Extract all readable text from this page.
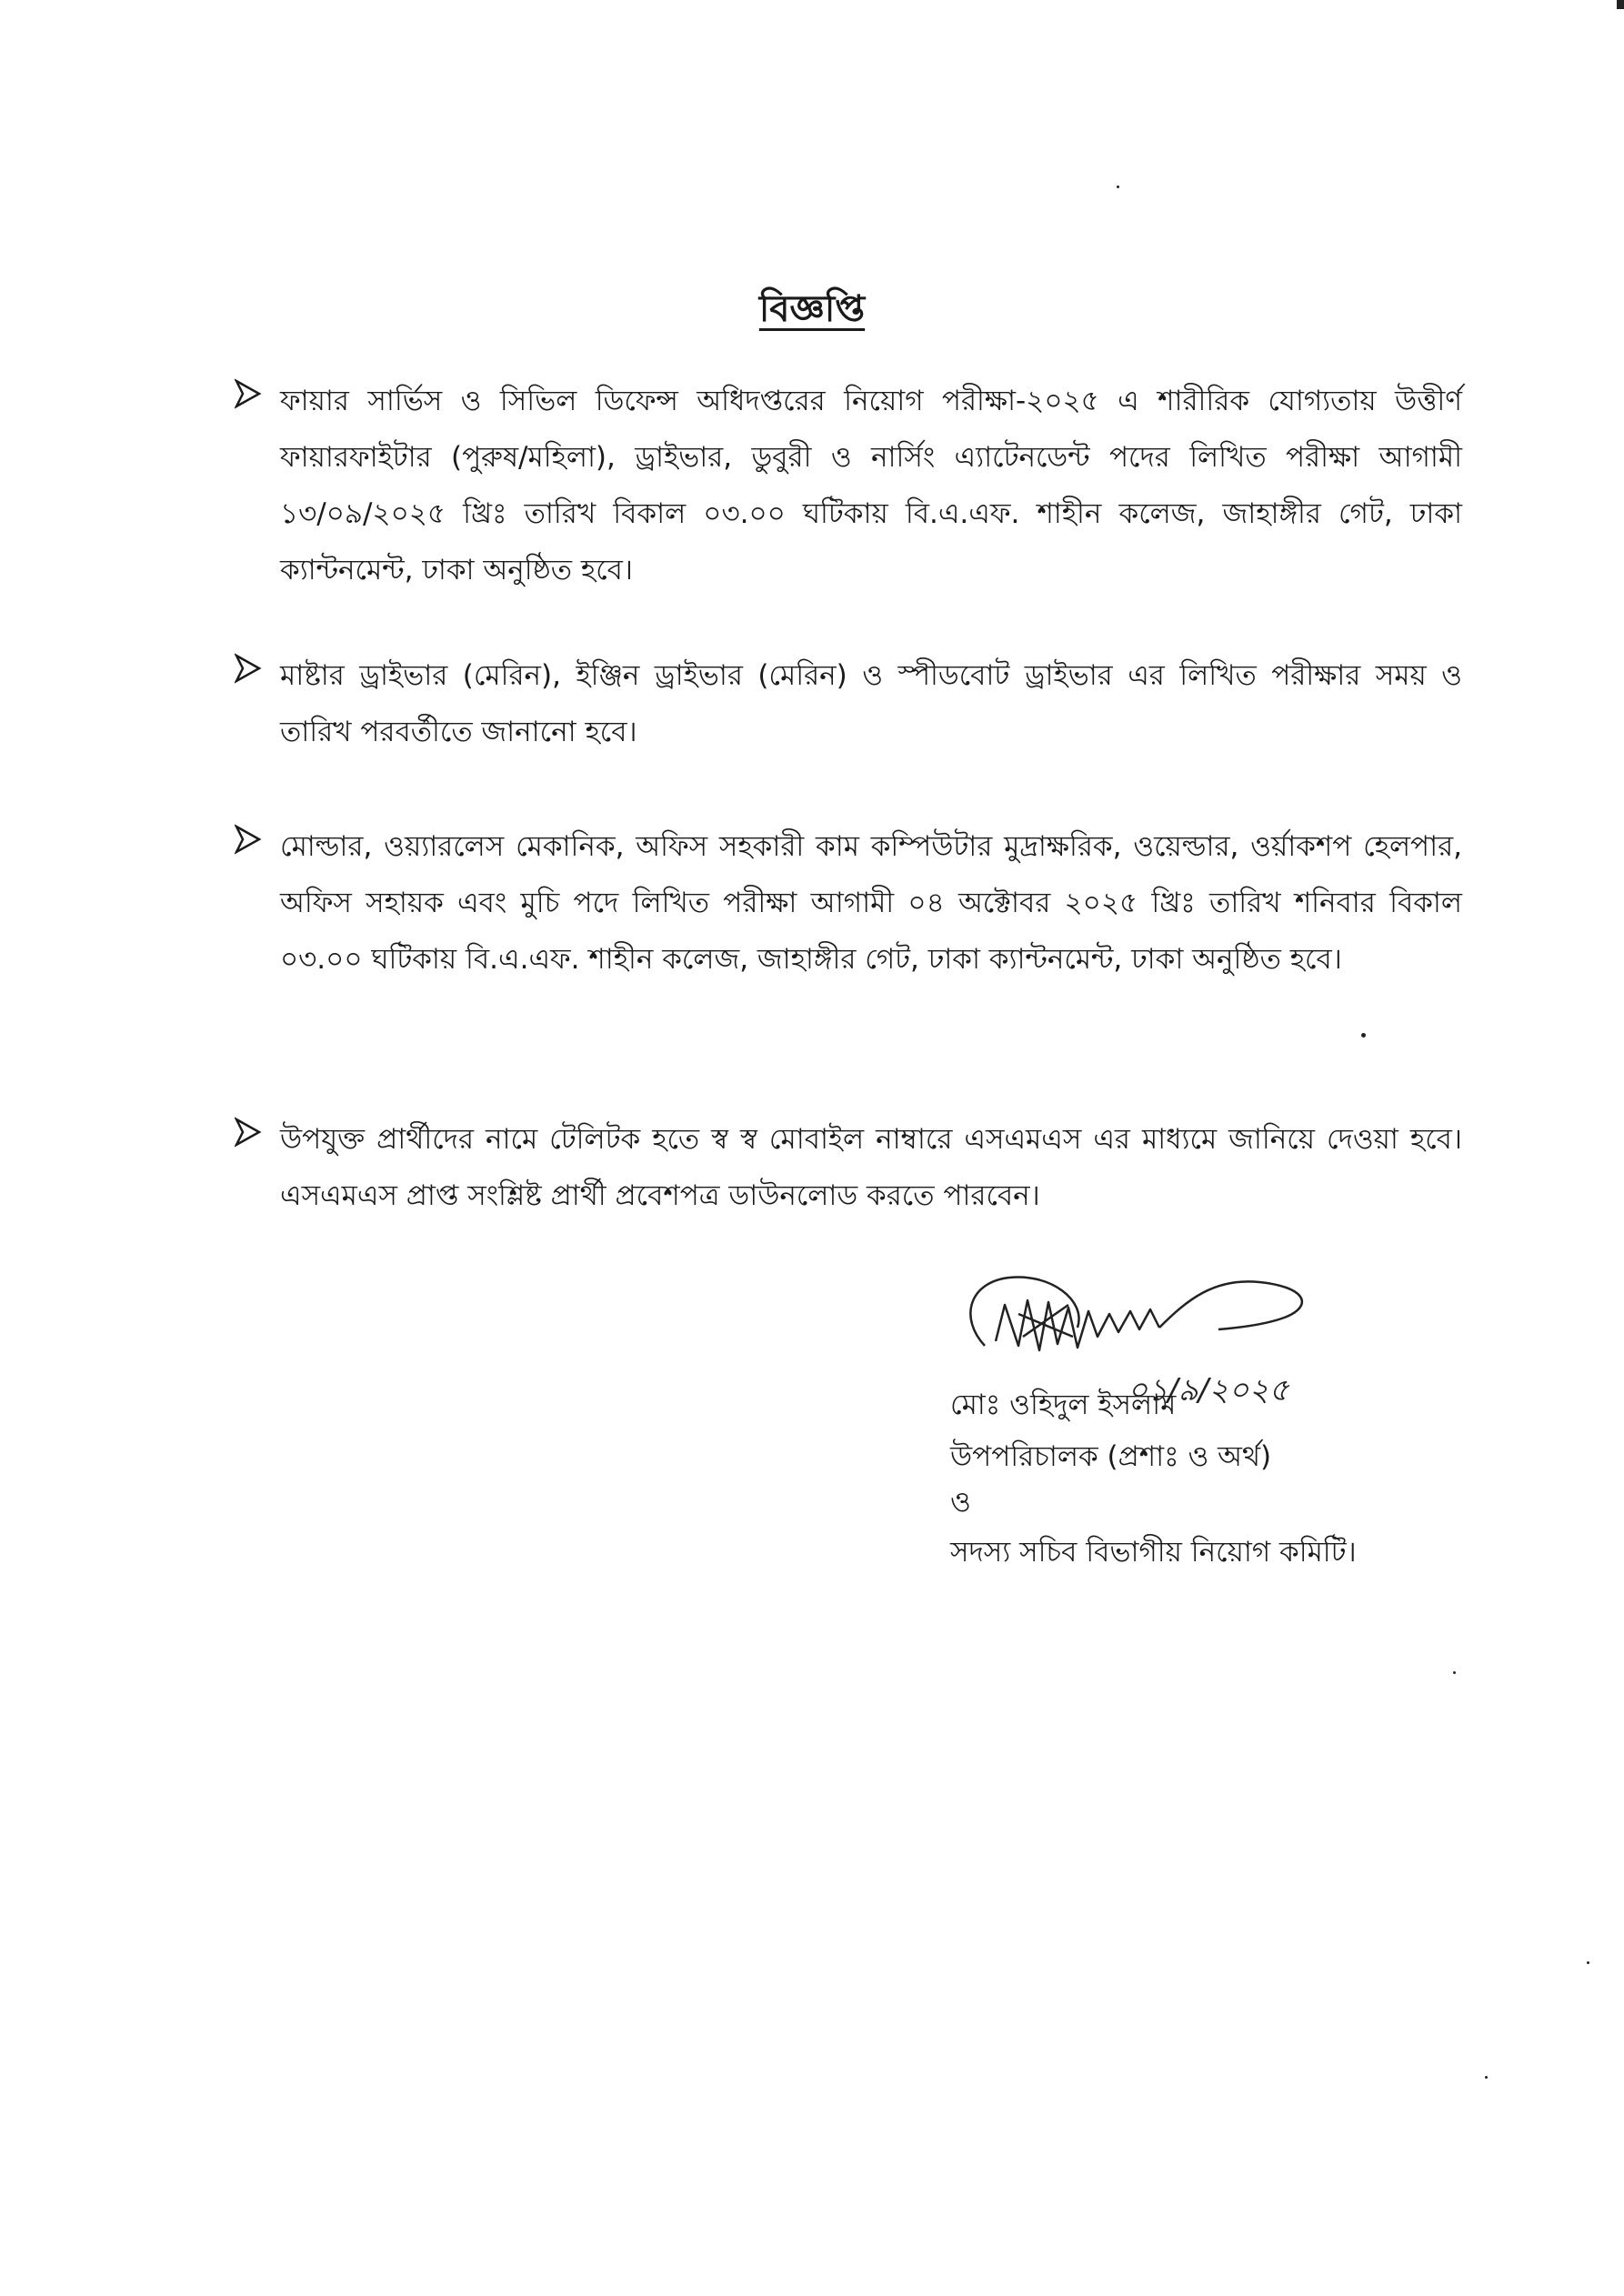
বিজ্ঞপ্তি
ফায়ার সার্ভিস ও সিভিল ডিফেন্স অধিদপ্তরের নিয়োগ পরীক্ষা-২০২৫ এ শারীরিক যোগ্যতায় উত্তীর্ণ ফায়ারফাইটার (পুরুষ/মহিলা), ড্রাইভার, ডুবুরী ও নার্সিং এ্যাটেনডেন্ট পদের লিখিত পরীক্ষা আগামী ১৩/০৯/২০২৫ খ্রিঃ তারিখ বিকাল ০৩.০০ ঘটিকায় বি.এ.এফ. শাহীন কলেজ, জাহাঙ্গীর গেট, ঢাকা ক্যান্টনমেন্ট, ঢাকা অনুষ্ঠিত হবে।
মাষ্টার ড্রাইভার (মেরিন), ইঞ্জিন ড্রাইভার (মেরিন) ও স্পীডবোট ড্রাইভার এর লিখিত পরীক্ষার সময় ও তারিখ পরবর্তীতে জানানো হবে।
মোল্ডার, ওয়্যারলেস মেকানিক, অফিস সহকারী কাম কম্পিউটার মুদ্রাক্ষরিক, ওয়েল্ডার, ওর্য়াকশপ হেলপার, অফিস সহায়ক এবং মুচি পদে লিখিত পরীক্ষা আগামী ০৪ অক্টোবর ২০২৫ খ্রিঃ তারিখ শনিবার বিকাল ০৩.০০ ঘটিকায় বি.এ.এফ. শাহীন কলেজ, জাহাঙ্গীর গেট, ঢাকা ক্যান্টনমেন্ট, ঢাকা অনুষ্ঠিত হবে।
উপযুক্ত প্রার্থীদের নামে টেলিটক হতে স্ব স্ব মোবাইল নাম্বারে এসএমএস এর মাধ্যমে জানিয়ে দেওয়া হবে। এসএমএস প্রাপ্ত সংশ্লিষ্ট প্রার্থী প্রবেশপত্র ডাউনলোড করতে পারবেন।
০১/৯/২০২৫
মোঃ ওহিদুল ইসলাম
উপপরিচালক (প্রশাঃ ও অর্থ)
ও
সদস্য সচিব বিভাগীয় নিয়োগ কমিটি।
